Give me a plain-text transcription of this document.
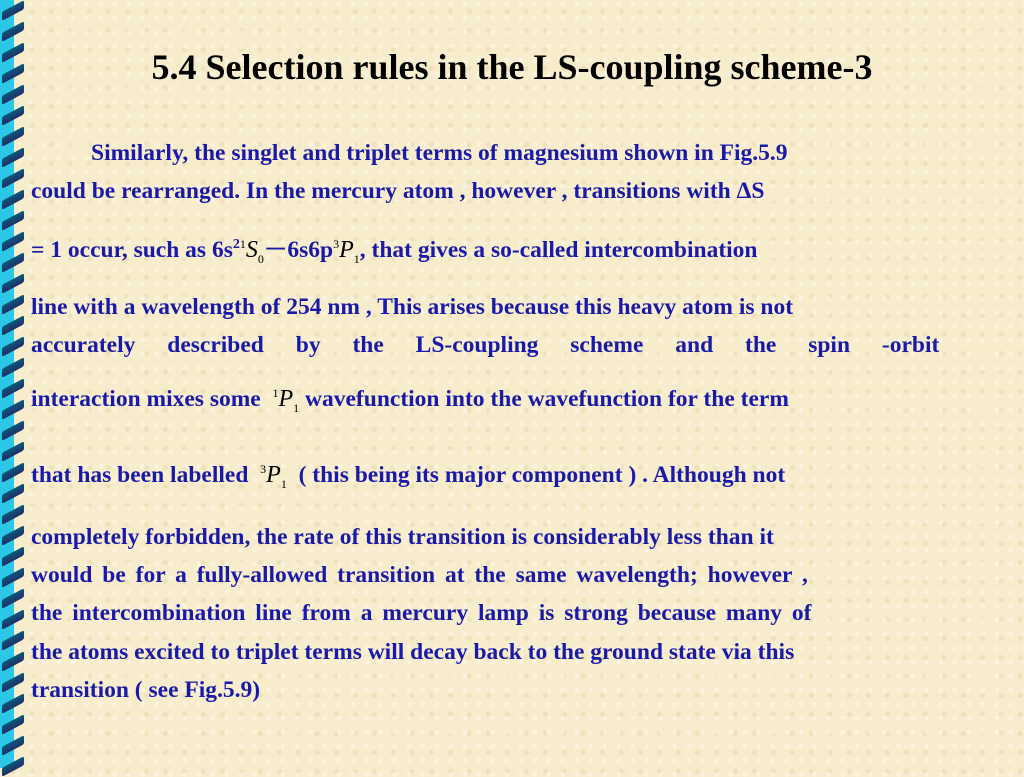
5.4 Selection rules in the LS-coupling scheme-3
Similarly, the singlet and triplet terms of magnesium shown in Fig.5.9
could be rearranged. In the mercury atom , however , transitions with ΔS
= 1 occur, such as $6s^{21}S_0-6s6p^3P_1$, that gives a so-called intercombination
line with a wavelength of 254 nm , This arises because this heavy atom is not
accurately described by the LS-coupling scheme and the spin -orbit
interaction mixes some $^1P_1$ wavefunction into the wavefunction for the term
that has been labelled $^3P_1$ ( this being its major component ) . Although not
completely forbidden, the rate of this transition is considerably less than it
would be for a fully-allowed transition at the same wavelength; however ,
the intercombination line from a mercury lamp is strong because many of
the atoms excited to triplet terms will decay back to the ground state via this
transition ( see Fig.5.9)
